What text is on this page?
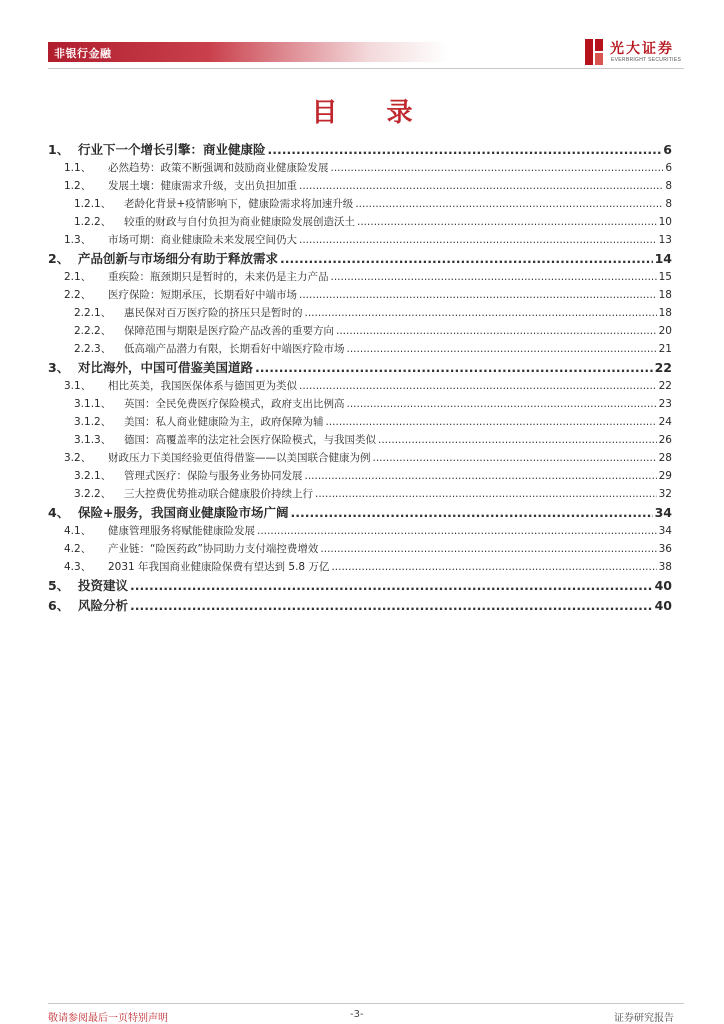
非银行金融	光大证券
EVERBRIGHT SECURITIES
目 录
1、 行业下一个增长引擎：商业健康险 .....	6
1.1、	必然趋势：政策不断强调和鼓励商业健康险发展 .....	6
1.2、	发展土壤：健康需求升级，支出负担加重 .....	8
1.2.1、	老龄化背景+疫情影响下，健康险需求将加速升级 .....	8
1.2.2、	较重的财政与自付负担为商业健康险发展创造沃土 .....	10
1.3、	市场可期：商业健康险未来发展空间仍大 .....	13
2、 产品创新与市场细分有助于释放需求 .....	14
2.1、	重疾险：瓶颈期只是暂时的，未来仍是主力产品 .....	15
2.2、	医疗保险：短期承压，长期看好中端市场 .....	18
2.2.1、	惠民保对百万医疗险的挤压只是暂时的 .....	18
2.2.2、	保障范围与期限是医疗险产品改善的重要方向 .....	20
2.2.3、	低高端产品潜力有限，长期看好中端医疗险市场 .....	21
3、 对比海外，中国可借鉴美国道路 .....	22
3.1、	相比英美，我国医保体系与德国更为类似 .....	22
3.1.1、	英国：全民免费医疗保险模式，政府支出比例高 .....	23
3.1.2、	美国：私人商业健康险为主，政府保障为辅 .....	24
3.1.3、	德国：高覆盖率的法定社会医疗保险模式，与我国类似 .....	26
3.2、	财政压力下美国经验更值得借鉴——以美国联合健康为例 .....	28
3.2.1、	管理式医疗：保险与服务业务协同发展 .....	29
3.2.2、	三大控费优势推动联合健康股价持续上行 .....	32
4、 保险+服务，我国商业健康险市场广阔 .....	34
4.1、	健康管理服务将赋能健康险发展 .....	34
4.2、	产业链：“险医药政”协同助力支付端控费增效 .....	36
4.3、	2031 年我国商业健康险保费有望达到 5.8 万亿 .....	38
5、 投资建议 .....	40
6、 风险分析 .....	40
敬请参阅最后一页特别声明	-3-	证券研究报告
